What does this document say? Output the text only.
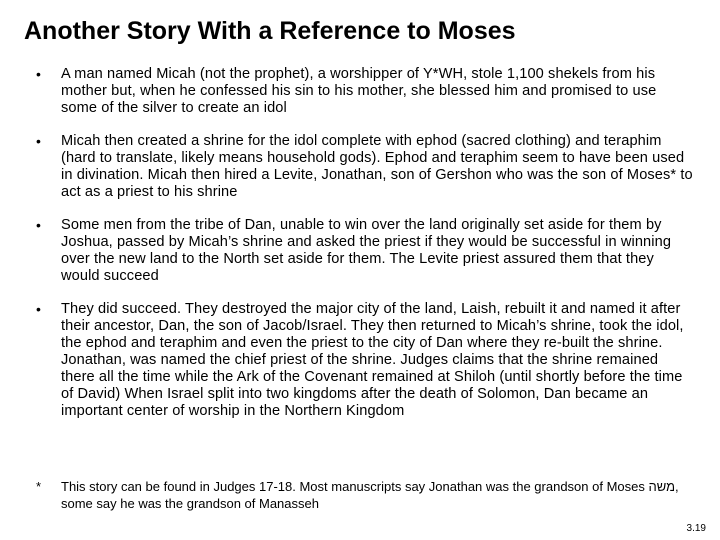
Another Story With a Reference to Moses
• A man named Micah (not the prophet), a worshipper of Y*WH, stole 1,100 shekels from his mother but, when he confessed his sin to his mother, she blessed him and promised to use some of the silver to create an idol
• Micah then created a shrine for the idol complete with ephod (sacred clothing) and teraphim (hard to translate, likely means household gods). Ephod and teraphim seem to have been used in divination. Micah then hired a Levite, Jonathan, son of Gershon who was the son of Moses* to act as a priest to his shrine
• Some men from the tribe of Dan, unable to win over the land originally set aside for them by Joshua, passed by Micah’s shrine and asked the priest if they would be successful in winning over the new land to the North set aside for them. The Levite priest assured them that they would succeed
• They did succeed. They destroyed the major city of the land, Laish, rebuilt it and named it after their ancestor, Dan, the son of Jacob/Israel. They then returned to Micah’s shrine, took the idol, the ephod and teraphim and even the priest to the city of Dan where they re-built the shrine. Jonathan, was named the chief priest of the shrine. Judges claims that the shrine remained there all the time while the Ark of the Covenant remained at Shiloh (until shortly before the time of David) When Israel split into two kingdoms after the death of Solomon, Dan became an important center of worship in the Northern Kingdom
* This story can be found in Judges 17-18. Most manuscripts say Jonathan was the grandson of Moses משה, some say he was the grandson of Manasseh
3.19
